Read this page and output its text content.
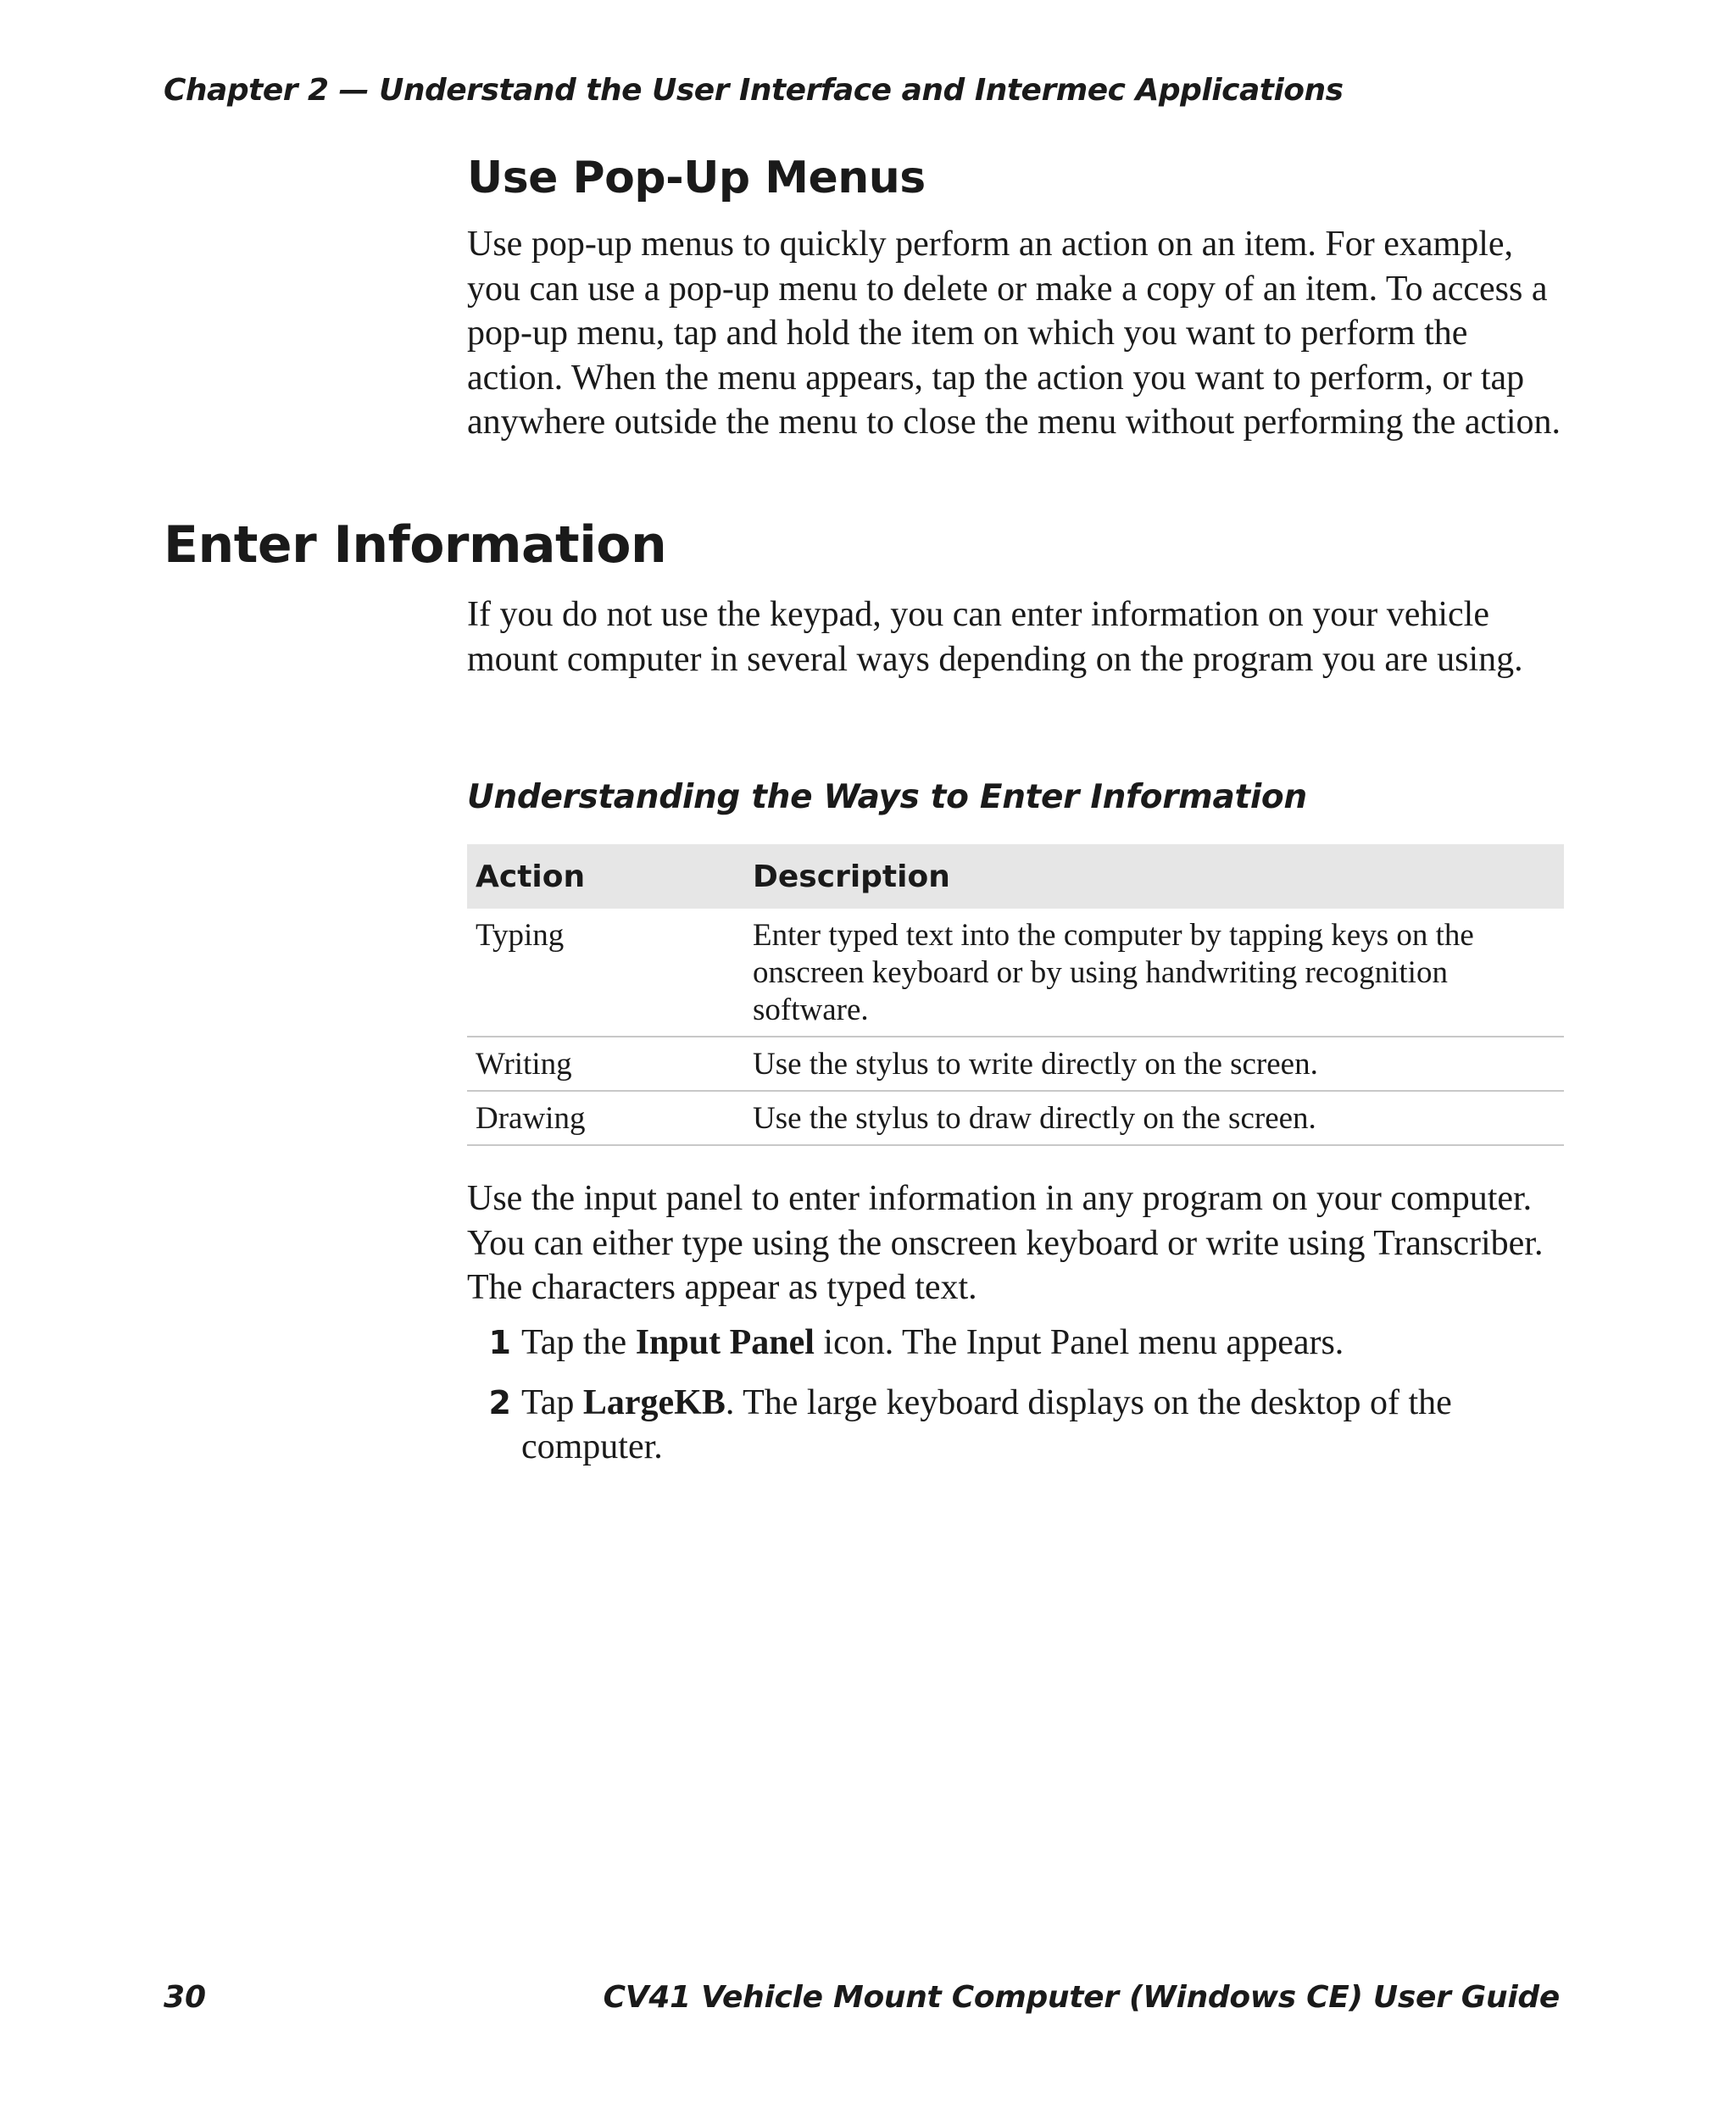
Chapter 2 — Understand the User Interface and Intermec Applications
Use Pop-Up Menus

Use pop-up menus to quickly perform an action on an item. For example, you can use a pop-up menu to delete or make a copy of an item. To access a pop-up menu, tap and hold the item on which you want to perform the action. When the menu appears, tap the action you want to perform, or tap anywhere outside the menu to close the menu without performing the action.

Enter Information

If you do not use the keypad, you can enter information on your vehicle mount computer in several ways depending on the program you are using.

Understanding the Ways to Enter Information

Action	Description
Typing	Enter typed text into the computer by tapping keys on the onscreen keyboard or by using handwriting recognition software.
Writing	Use the stylus to write directly on the screen.
Drawing	Use the stylus to draw directly on the screen.

Use the input panel to enter information in any program on your computer. You can either type using the onscreen keyboard or write using Transcriber. The characters appear as typed text.

1 Tap the Input Panel icon. The Input Panel menu appears.
2 Tap LargeKB. The large keyboard displays on the desktop of the computer.
30	CV41 Vehicle Mount Computer (Windows CE) User Guide
